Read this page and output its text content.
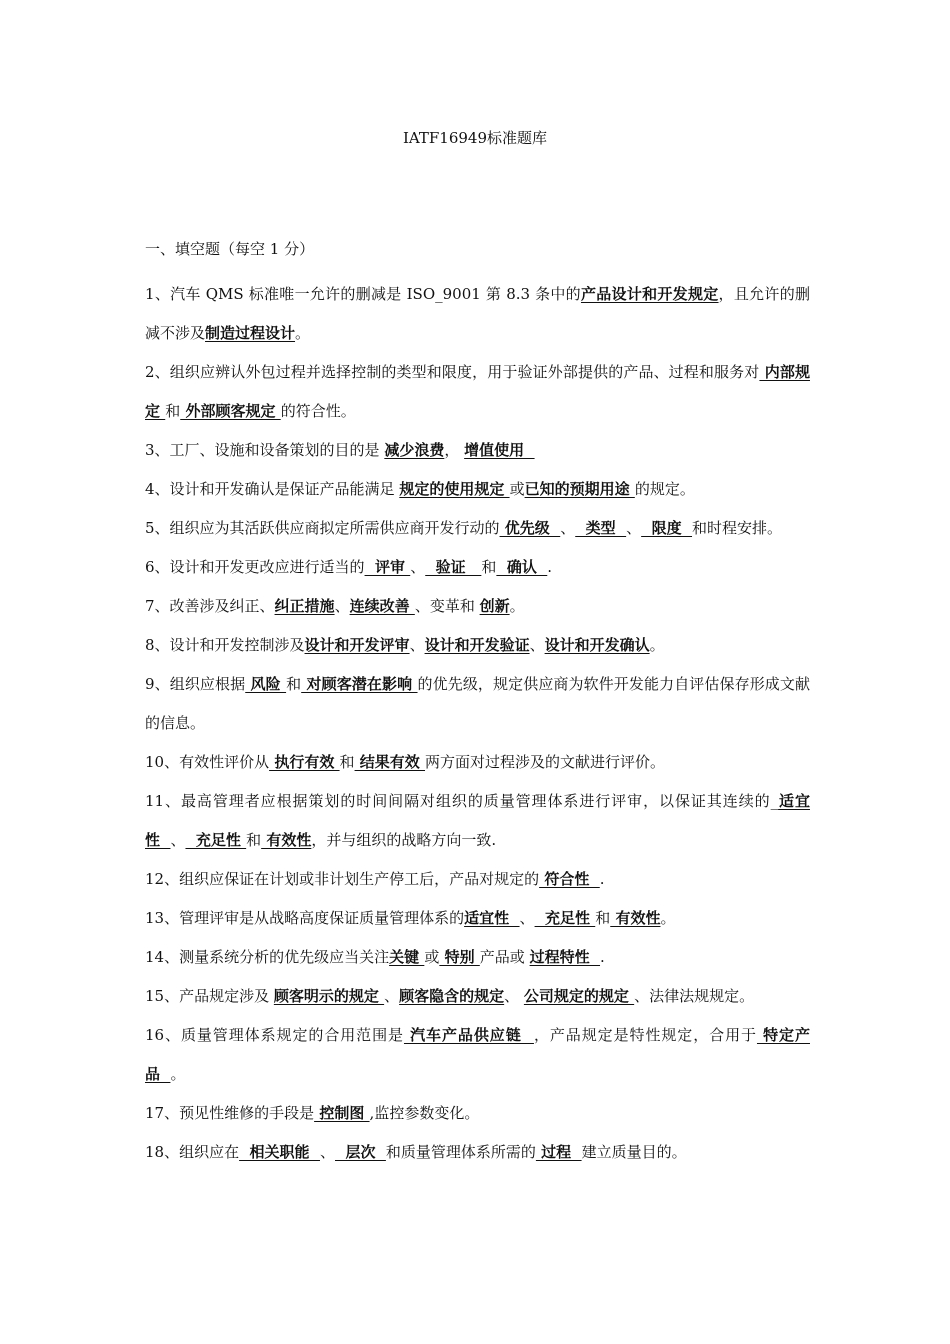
IATF16949标准题库
一、填空题（每空 1 分）
1、汽车 QMS 标准唯一允许的删减是 ISO_9001 第 8.3 条中的产品设计和开发规定，且允许的删减不涉及制造过程设计。
2、组织应辨认外包过程并选择控制的类型和限度，用于验证外部提供的产品、过程和服务对 内部规定 和 外部顾客规定 的符合性。
3、工厂、设施和设备策划的目的是 减少浪费， 增值使用
4、设计和开发确认是保证产品能满足 规定的使用规定 或已知的预期用途 的规定。
5、组织应为其活跃供应商拟定所需供应商开发行动的 优先级  、  类型  、  限度  和时程安排。
6、设计和开发更改应进行适当的  评审 、  验证   和  确认  .
7、改善涉及纠正、纠正措施、连续改善 、变革和 创新。
8、设计和开发控制涉及设计和开发评审、设计和开发验证、设计和开发确认。
9、组织应根据 风险 和 对顾客潜在影响 的优先级，规定供应商为软件开发能力自评估保存形成文献的信息。
10、有效性评价从 执行有效 和 结果有效 两方面对过程涉及的文献进行评价。
11、最高管理者应根据策划的时间间隔对组织的质量管理体系进行评审，以保证其连续的_适宜性  、  充足性 和 有效性，并与组织的战略方向一致.
12、组织应保证在计划或非计划生产停工后，产品对规定的 符合性  .
13、管理评审是从战略高度保证质量管理体系的适宜性  、  充足性 和 有效性。
14、测量系统分析的优先级应当关注关键 或 特别 产品或 过程特性  .
15、产品规定涉及 顾客明示的规定 、顾客隐含的规定、 公司规定的规定 、法律法规规定。
16、质量管理体系规定的合用范围是 汽车产品供应链  ，产品规定是特性规定，合用于 特定产品  。
17、预见性维修的手段是 控制图 ,监控参数变化。
18、组织应在  相关职能  、  层次  和质量管理体系所需的 过程  建立质量目的。
